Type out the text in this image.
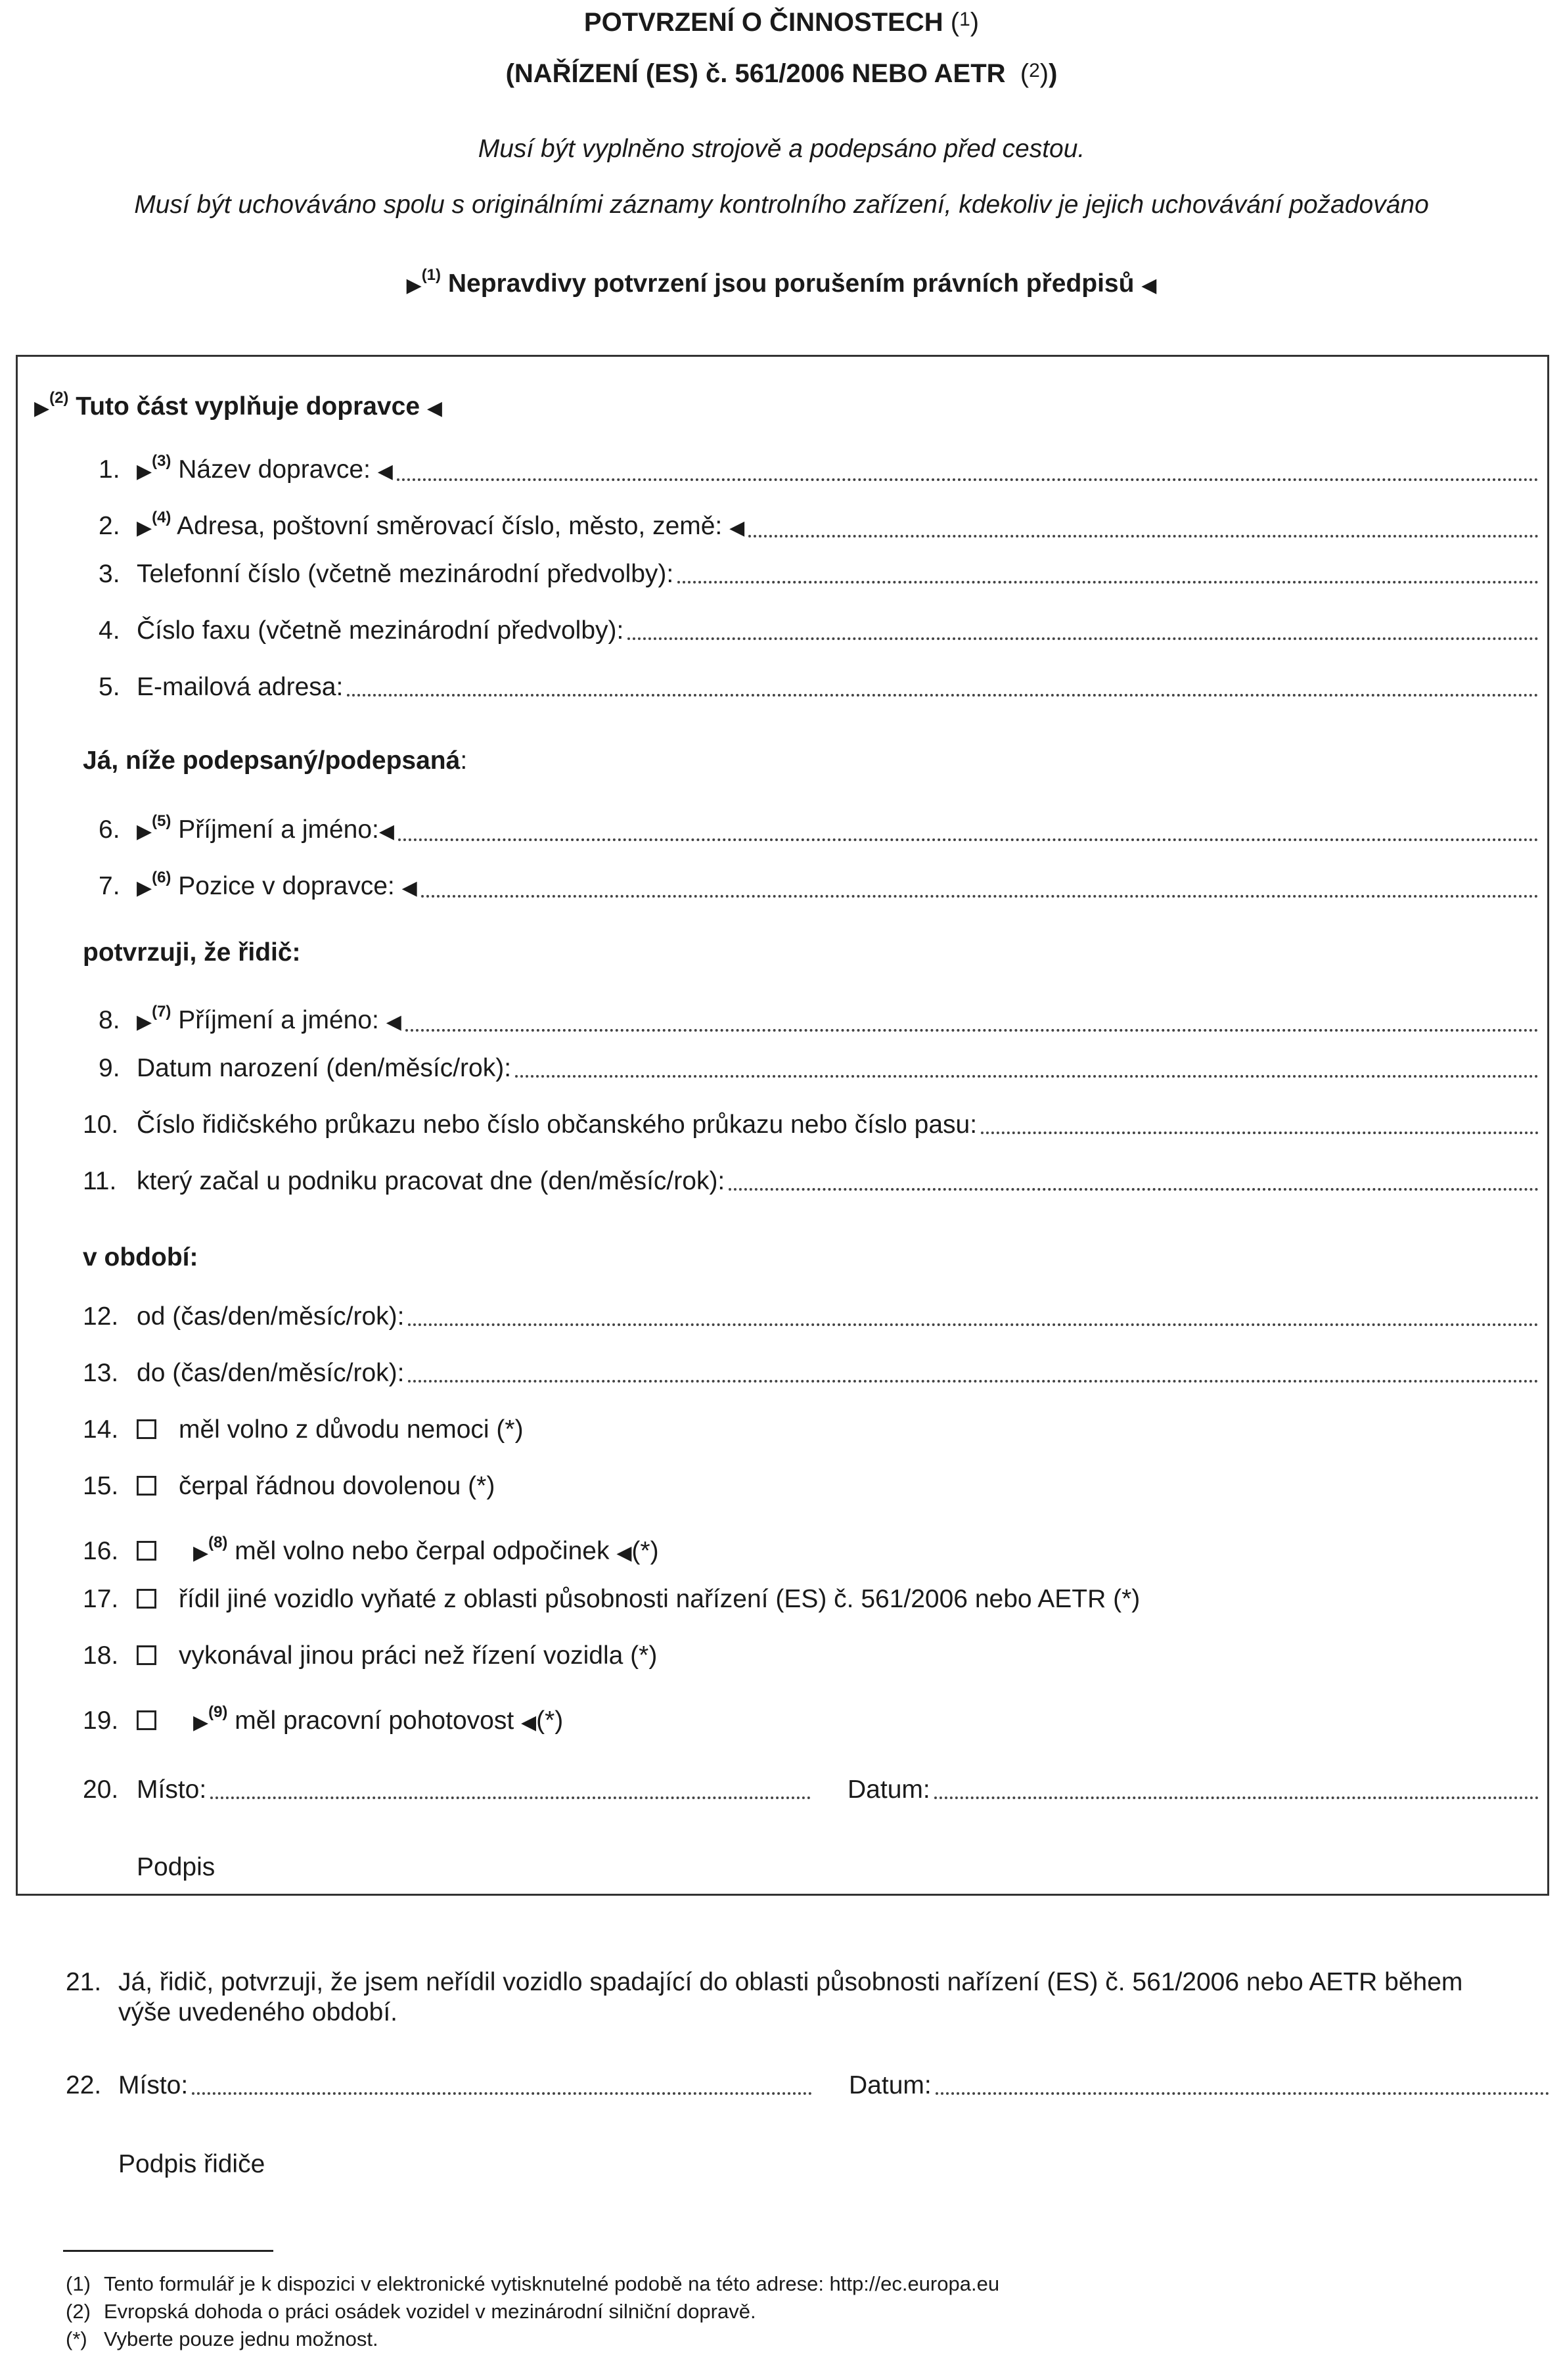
POTVRZENÍ O ČINNOSTECH ($^1$)
(NAŘÍZENÍ (ES) č. 561/2006 NEBO AETR  ($^2$))
Musí být vyplněno strojově a podepsáno před cestou.
Musí být uchováváno spolu s originálními záznamy kontrolního zařízení, kdekoliv je jejich uchovávání požadováno
▶$^{(1)}$ Nepravdivy potvrzení jsou porušením právních předpisů ◀
▶$^{(2)}$ Tuto část vyplňuje dopravce ◀
1. ▶$^{(3)}$ Název dopravce: ◀
2. ▶$^{(4)}$ Adresa, poštovní směrovací číslo, město, země: ◀
3. Telefonní číslo (včetně mezinárodní předvolby):
4. Číslo faxu (včetně mezinárodní předvolby):
5. E-mailová adresa:
Já, níže podepsaný/podepsaná:
6. ▶$^{(5)}$ Příjmení a jméno:◀
7. ▶$^{(6)}$ Pozice v dopravce: ◀
potvrzuji, že řidič:
8. ▶$^{(7)}$ Příjmení a jméno: ◀
9. Datum narození (den/měsíc/rok):
10. Číslo řidičského průkazu nebo číslo občanského průkazu nebo číslo pasu:
11. který začal u podniku pracovat dne (den/měsíc/rok):
v období:
12. od (čas/den/měsíc/rok):
13. do (čas/den/měsíc/rok):
14.	měl volno z důvodu nemoci (*)
15.	čerpal řádnou dovolenou (*)
16.	▶$^{(8)}$ měl volno nebo čerpal odpočinek ◀(*)
17.	řídil jiné vozidlo vyňaté z oblasti působnosti nařízení (ES) č. 561/2006 nebo AETR (*)
18.	vykonával jinou práci než řízení vozidla (*)
19.	▶$^{(9)}$ měl pracovní pohotovost ◀(*)
20. Místo:	Datum:
Podpis
21. Já, řidič, potvrzuji, že jsem neřídil vozidlo spadající do oblasti působnosti nařízení (ES) č. 561/2006 nebo AETR během
výše uvedeného období.
22. Místo:	Datum:
Podpis řidiče
(1) Tento formulář je k dispozici v elektronické vytisknutelné podobě na této adrese: http://ec.europa.eu
(2) Evropská dohoda o práci osádek vozidel v mezinárodní silniční dopravě.
(*) Vyberte pouze jednu možnost.
